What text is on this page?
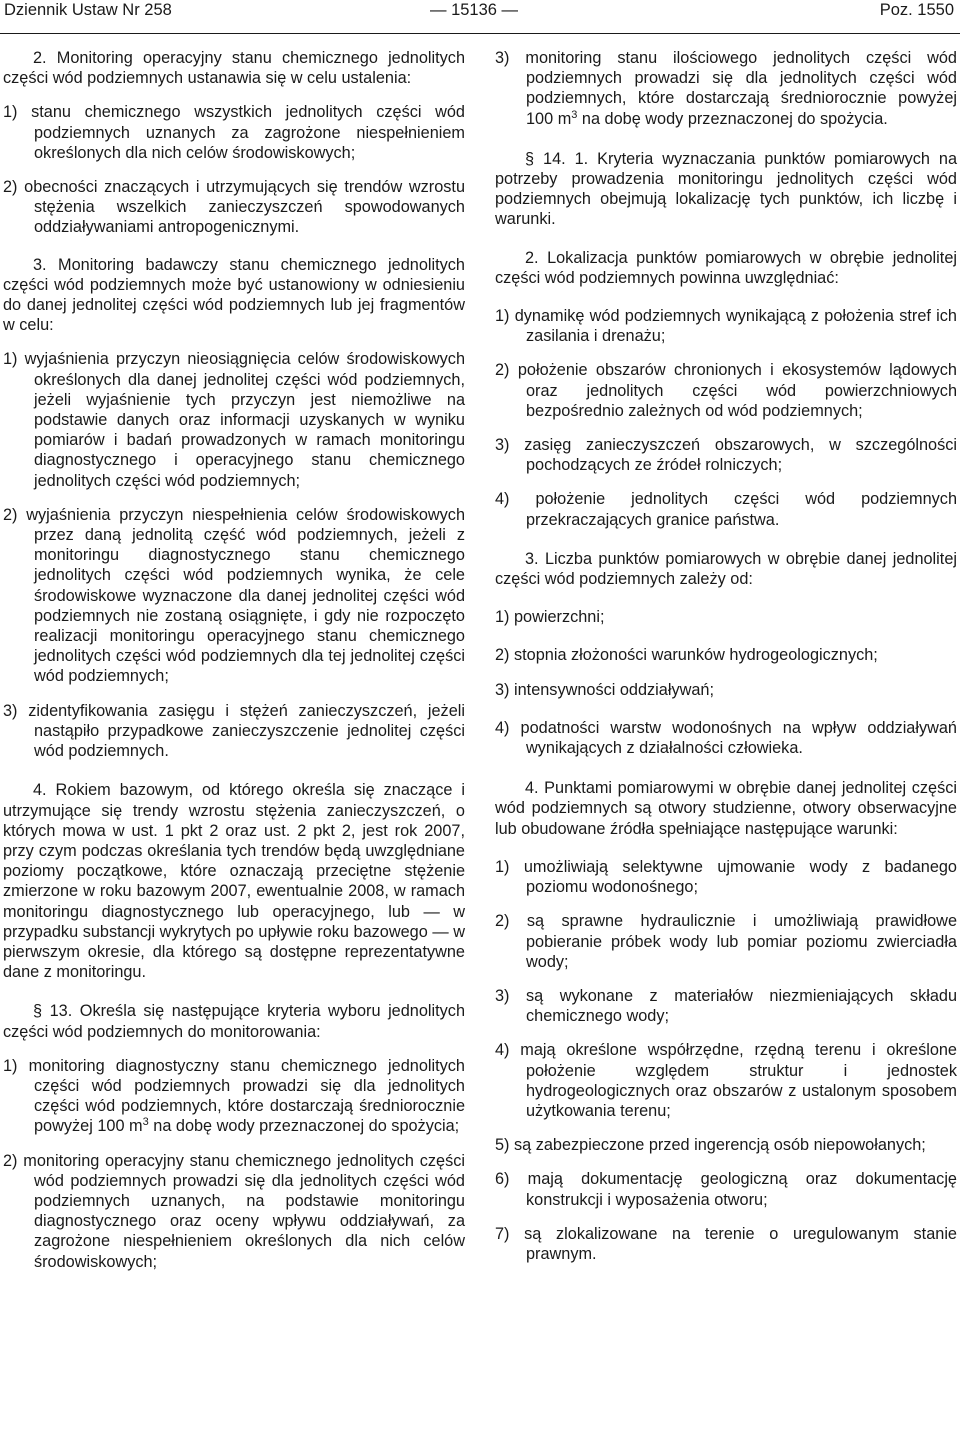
Dziennik Ustaw Nr 258	— 15136 —	Poz. 1550

2. Monitoring operacyjny stanu chemicznego jednolitych części wód podziemnych ustanawia się w celu ustalenia:

1) stanu chemicznego wszystkich jednolitych części wód podziemnych uznanych za zagrożone niespełnieniem określonych dla nich celów środowiskowych;

2) obecności znaczących i utrzymujących się trendów wzrostu stężenia wszelkich zanieczyszczeń spowodowanych oddziaływaniami antropogenicznymi.

3. Monitoring badawczy stanu chemicznego jednolitych części wód podziemnych może być ustanowiony w odniesieniu do danej jednolitej części wód podziemnych lub jej fragmentów w celu:

1) wyjaśnienia przyczyn nieosiągnięcia celów środowiskowych określonych dla danej jednolitej części wód podziemnych, jeżeli wyjaśnienie tych przyczyn jest niemożliwe na podstawie danych oraz informacji uzyskanych w wyniku pomiarów i badań prowadzonych w ramach monitoringu diagnostycznego i operacyjnego stanu chemicznego jednolitych części wód podziemnych;

2) wyjaśnienia przyczyn niespełnienia celów środowiskowych przez daną jednolitą część wód podziemnych, jeżeli z monitoringu diagnostycznego stanu chemicznego jednolitych części wód podziemnych wynika, że cele środowiskowe wyznaczone dla danej jednolitej części wód podziemnych nie zostaną osiągnięte, i gdy nie rozpoczęto realizacji monitoringu operacyjnego stanu chemicznego jednolitych części wód podziemnych dla tej jednolitej części wód podziemnych;

3) zidentyfikowania zasięgu i stężeń zanieczyszczeń, jeżeli nastąpiło przypadkowe zanieczyszczenie jednolitej części wód podziemnych.

4. Rokiem bazowym, od którego określa się znaczące i utrzymujące się trendy wzrostu stężenia zanieczyszczeń, o których mowa w ust. 1 pkt 2 oraz ust. 2 pkt 2, jest rok 2007, przy czym podczas określania tych trendów będą uwzględniane poziomy początkowe, które oznaczają przeciętne stężenie zmierzone w roku bazowym 2007, ewentualnie 2008, w ramach monitoringu diagnostycznego lub operacyjnego, lub — w przypadku substancji wykrytych po upływie roku bazowego — w pierwszym okresie, dla którego są dostępne reprezentatywne dane z monitoringu.

§ 13. Określa się następujące kryteria wyboru jednolitych części wód podziemnych do monitorowania:

1) monitoring diagnostyczny stanu chemicznego jednolitych części wód podziemnych prowadzi się dla jednolitych części wód podziemnych, które dostarczają średniorocznie powyżej 100 $m^3$ na dobę wody przeznaczonej do spożycia;

2) monitoring operacyjny stanu chemicznego jednolitych części wód podziemnych prowadzi się dla jednolitych części wód podziemnych uznanych, na podstawie monitoringu diagnostycznego oraz oceny wpływu oddziaływań, za zagrożone niespełnieniem określonych dla nich celów środowiskowych;

3) monitoring stanu ilościowego jednolitych części wód podziemnych prowadzi się dla jednolitych części wód podziemnych, które dostarczają średniorocznie powyżej 100 $m^3$ na dobę wody przeznaczonej do spożycia.

§ 14. 1. Kryteria wyznaczania punktów pomiarowych na potrzeby prowadzenia monitoringu jednolitych części wód podziemnych obejmują lokalizację tych punktów, ich liczbę i warunki.

2. Lokalizacja punktów pomiarowych w obrębie jednolitej części wód podziemnych powinna uwzględniać:

1) dynamikę wód podziemnych wynikającą z położenia stref ich zasilania i drenażu;

2) położenie obszarów chronionych i ekosystemów lądowych oraz jednolitych części wód powierzchniowych bezpośrednio zależnych od wód podziemnych;

3) zasięg zanieczyszczeń obszarowych, w szczególności pochodzących ze źródeł rolniczych;

4) położenie jednolitych części wód podziemnych przekraczających granice państwa.

3. Liczba punktów pomiarowych w obrębie danej jednolitej części wód podziemnych zależy od:

1) powierzchni;

2) stopnia złożoności warunków hydrogeologicznych;

3) intensywności oddziaływań;

4) podatności warstw wodonośnych na wpływ oddziaływań wynikających z działalności człowieka.

4. Punktami pomiarowymi w obrębie danej jednolitej części wód podziemnych są otwory studzienne, otwory obserwacyjne lub obudowane źródła spełniające następujące warunki:

1) umożliwiają selektywne ujmowanie wody z badanego poziomu wodonośnego;

2) są sprawne hydraulicznie i umożliwiają prawidłowe pobieranie próbek wody lub pomiar poziomu zwierciadła wody;

3) są wykonane z materiałów niezmieniających składu chemicznego wody;

4) mają określone współrzędne, rzędną terenu i określone położenie względem struktur i jednostek hydrogeologicznych oraz obszarów z ustalonym sposobem użytkowania terenu;

5) są zabezpieczone przed ingerencją osób niepowołanych;

6) mają dokumentację geologiczną oraz dokumentację konstrukcji i wyposażenia otworu;

7) są zlokalizowane na terenie o uregulowanym stanie prawnym.
